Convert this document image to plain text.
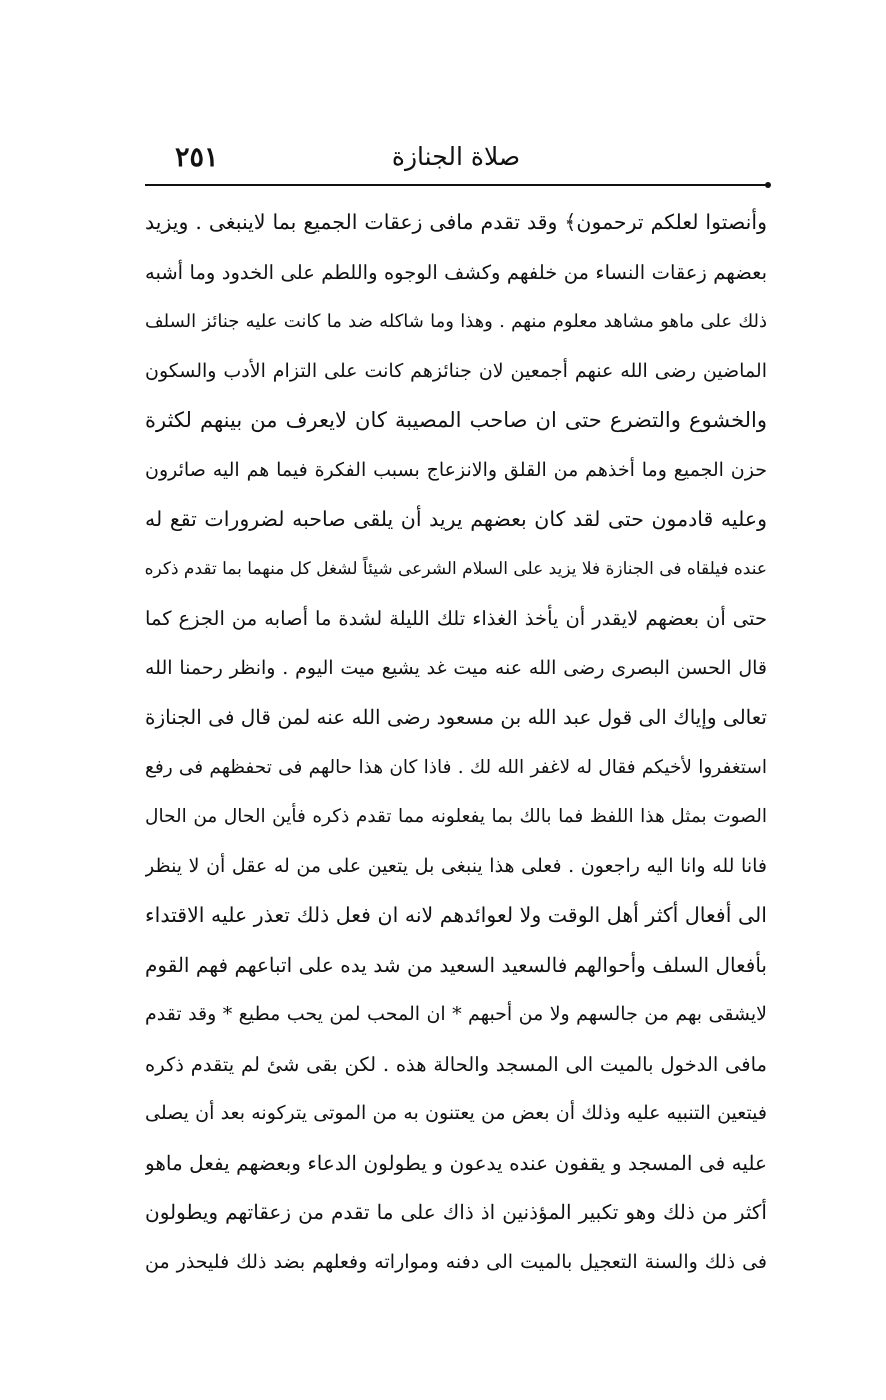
٢٥١	صلاة الجنازة
وأنصتوا لعلكم ترحمون﴾ وقد تقدم مافى زعقات الجميع بما لاينبغى . ويزيد
بعضهم زعقات النساء من خلفهم وكشف الوجوه واللطم على الخدود وما أشبه
ذلك على ماهو مشاهد معلوم منهم . وهذا وما شاكله ضد ما كانت عليه جنائز السلف
الماضين رضى الله عنهم أجمعين لان جنائزهم كانت على التزام الأدب والسكون
والخشوع والتضرع حتى ان صاحب المصيبة كان لايعرف من بينهم لكثرة
حزن الجميع وما أخذهم من القلق والانزعاج بسبب الفكرة فيما هم اليه صائرون
وعليه قادمون حتى لقد كان بعضهم يريد أن يلقى صاحبه لضرورات تقع له
عنده فيلقاه فى الجنازة فلا يزيد على السلام الشرعى شيئاً لشغل كل منهما بما تقدم ذكره
حتى أن بعضهم لايقدر أن يأخذ الغذاء تلك الليلة لشدة ما أصابه من الجزع كما
قال الحسن البصرى رضى الله عنه ميت غد يشيع ميت اليوم . وانظر رحمنا الله
تعالى وإياك الى قول عبد الله بن مسعود رضى الله عنه لمن قال فى الجنازة
استغفروا لأخيكم فقال له لاغفر الله لك . فاذا كان هذا حالهم فى تحفظهم فى رفع
الصوت بمثل هذا اللفظ فما بالك بما يفعلونه مما تقدم ذكره فأين الحال من الحال
فانا لله وانا اليه راجعون . فعلى هذا ينبغى بل يتعين على من له عقل أن لا ينظر
الى أفعال أكثر أهل الوقت ولا لعوائدهم لانه ان فعل ذلك تعذر عليه الاقتداء
بأفعال السلف وأحوالهم فالسعيد السعيد من شد يده على اتباعهم فهم القوم
لايشقى بهم من جالسهم ولا من أحبهم * ان المحب لمن يحب مطيع * وقد تقدم
مافى الدخول بالميت الى المسجد والحالة هذه . لكن بقى شئ لم يتقدم ذكره
فيتعين التنبيه عليه وذلك أن بعض من يعتنون به من الموتى يتركونه بعد أن يصلى
عليه فى المسجد و يقفون عنده يدعون و يطولون الدعاء وبعضهم يفعل ماهو
أكثر من ذلك وهو تكبير المؤذنين اذ ذاك على ما تقدم من زعقاتهم ويطولون
فى ذلك والسنة التعجيل بالميت الى دفنه ومواراته وفعلهم بضد ذلك فليحذر من
